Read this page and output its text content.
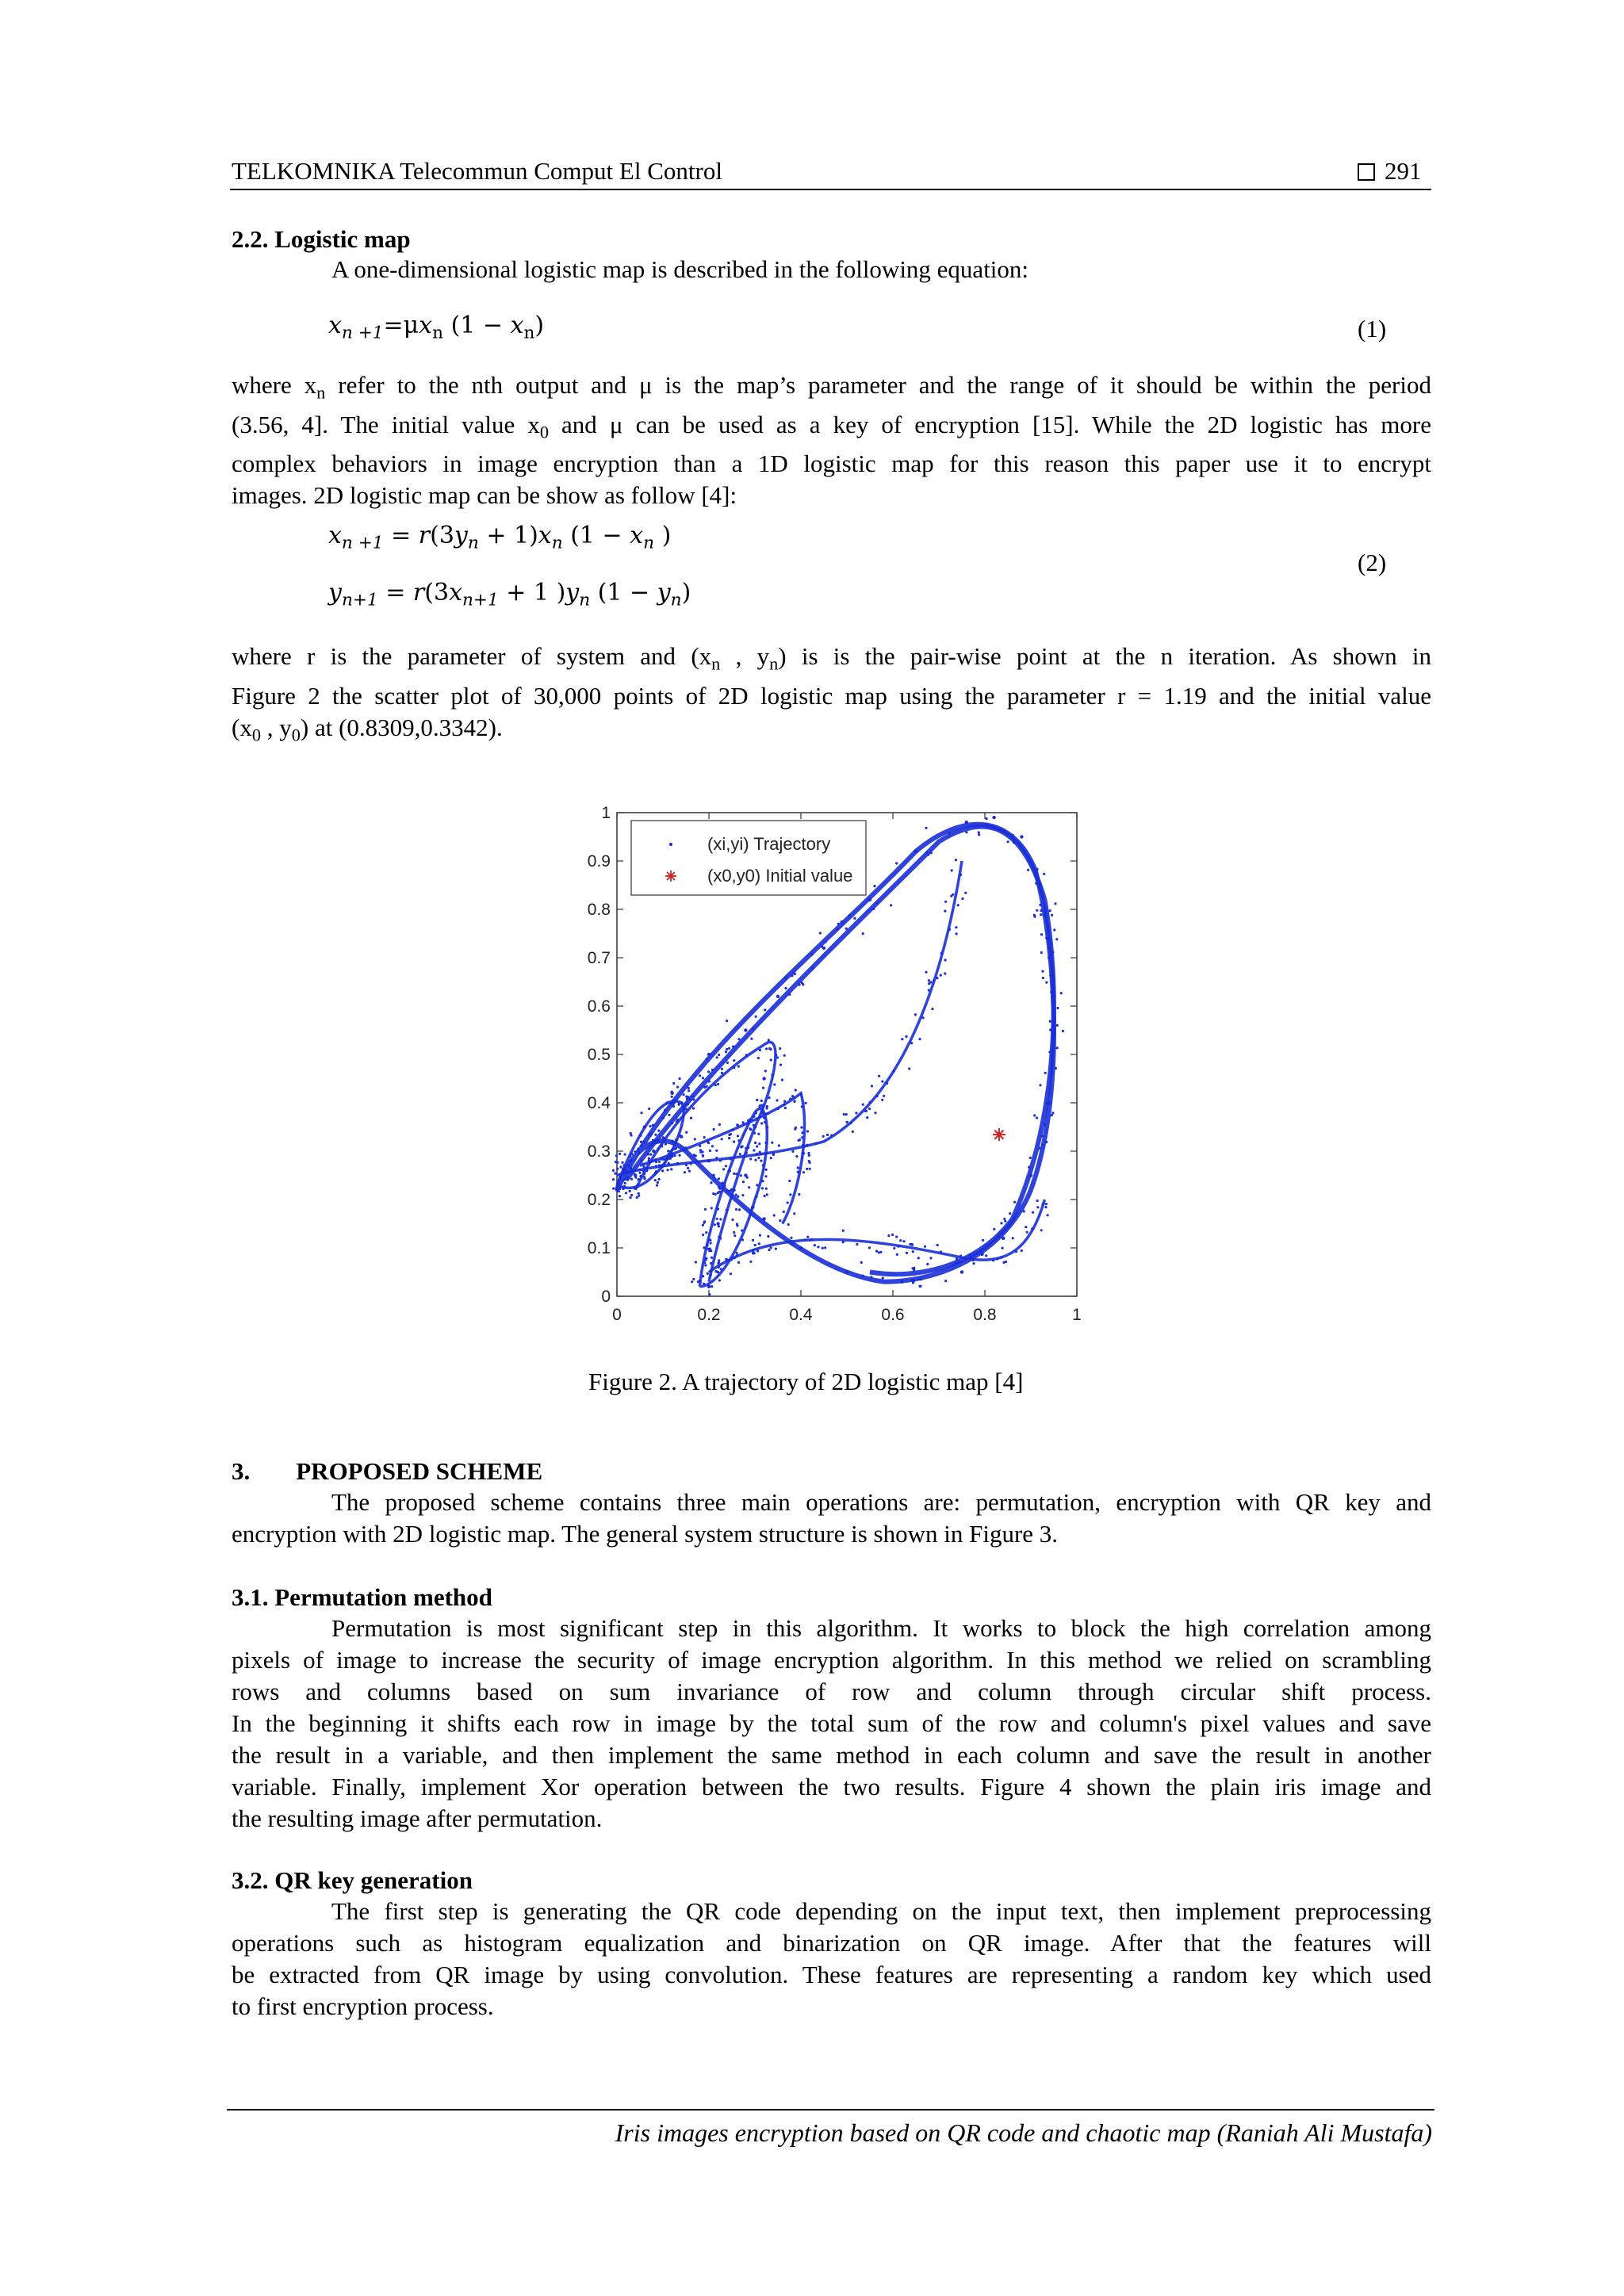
TELKOMNIKA Telecommun Comput El Control	291
2.2. Logistic map
A one-dimensional logistic map is described in the following equation:
$x_{n +1}=\mu x_n$ $(1 - x_n)$	(1)
where $x_n$ refer to the nth output and μ is the map’s parameter and the range of it should be within the period
(3.56, 4]. The initial value $x_0$ and μ can be used as a key of encryption [15]. While the 2D logistic has more
complex behaviors in image encryption than a 1D logistic map for this reason this paper use it to encrypt
images. 2D logistic map can be show as follow [4]:
$x_{n +1} = r(3y_n + 1)x_n$ ($1 - x_n$ )
$y_{n+1} = r(3x_{n+1} + 1$ )$y_n$ $(1 - y_n)$
(2)
where r is the parameter of system and ($x_n$ , $y_n$) is is the pair-wise point at the n iteration. As shown in
Figure 2 the scatter plot of 30,000 points of 2D logistic map using the parameter r = 1.19 and the initial value
($x_0$ , $y_0$) at (0.8309,0.3342).
0
0.1
0.2
0.3
0.4
0.5
0.6
0.7
0.8
0.9
1
0	0.2	0.4	0.6	0.8	1
(xi,yi) Trajectory
(x0,y0) Initial value
Figure 2. A trajectory of 2D logistic map [4]
3. PROPOSED SCHEME
The proposed scheme contains three main operations are: permutation, encryption with QR key and
encryption with 2D logistic map. The general system structure is shown in Figure 3.
3.1. Permutation method
Permutation is most significant step in this algorithm. It works to block the high correlation among
pixels of image to increase the security of image encryption algorithm. In this method we relied on scrambling
rows and columns based on sum invariance of row and column through circular shift process.
In the beginning it shifts each row in image by the total sum of the row and column's pixel values and save
the result in a variable, and then implement the same method in each column and save the result in another
variable. Finally, implement Xor operation between the two results. Figure 4 shown the plain iris image and
the resulting image after permutation.
3.2. QR key generation
The first step is generating the QR code depending on the input text, then implement preprocessing
operations such as histogram equalization and binarization on QR image. After that the features will
be extracted from QR image by using convolution. These features are representing a random key which used
to first encryption process.
Iris images encryption based on QR code and chaotic map (Raniah Ali Mustafa)
